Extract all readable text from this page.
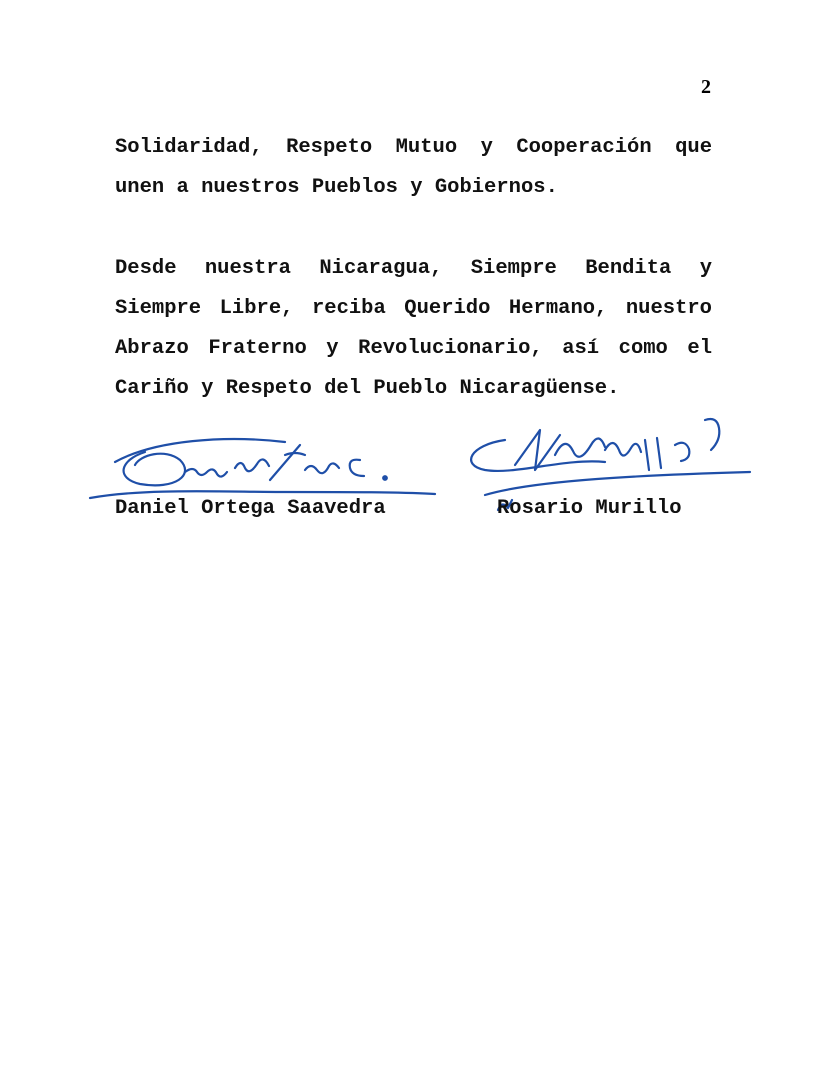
2
Solidaridad, Respeto Mutuo y Cooperación que
unen a nuestros Pueblos y Gobiernos.
Desde nuestra Nicaragua, Siempre Bendita y
Siempre Libre, reciba Querido Hermano, nuestro
Abrazo Fraterno y Revolucionario, así como el
Cariño y Respeto del Pueblo Nicaragüense.
Daniel Ortega Saavedra	Rosario Murillo
